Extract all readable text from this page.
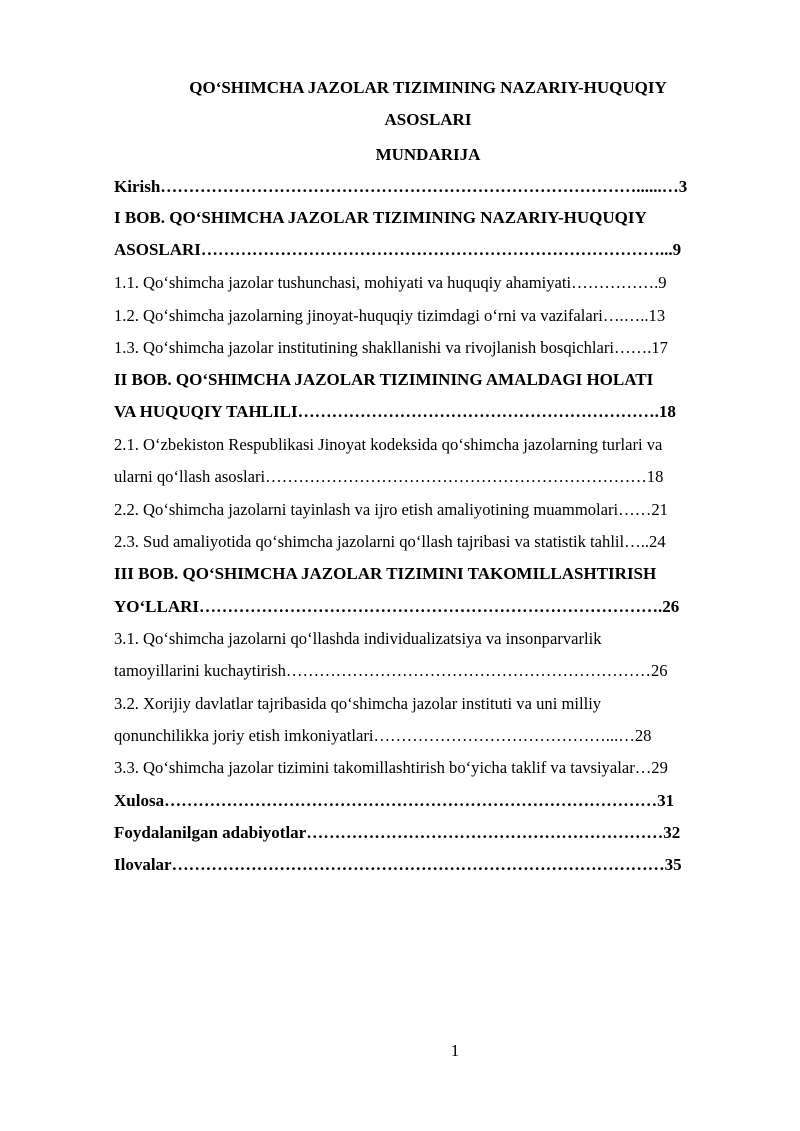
QO‘SHIMCHA JAZOLAR TIZIMINING NAZARIY-HUQUQIY
ASOSLARI
MUNDARIJA
Kirish…………………………………………………………………………......…3
I BOB. QO‘SHIMCHA JAZOLAR TIZIMINING NAZARIY-HUQUQIY
ASOSLARI………………………………………………………………………...9
1.1. Qo‘shimcha jazolar tushunchasi, mohiyati va huquqiy ahamiyati…………….9
1.2. Qo‘shimcha jazolarning jinoyat-huquqiy tizimdagi o‘rni va vazifalari….…..13
1.3. Qo‘shimcha jazolar institutining shakllanishi va rivojlanish bosqichlari…….17
II BOB. QO‘SHIMCHA JAZOLAR TIZIMINING AMALDAGI HOLATI
VA HUQUQIY TAHLILI……………………………………………………….18
2.1. O‘zbekiston Respublikasi Jinoyat kodeksida qo‘shimcha jazolarning turlari va
ularni qo‘llash asoslari……………………………………………………………18
2.2. Qo‘shimcha jazolarni tayinlash va ijro etish amaliyotining muammolari……21
2.3. Sud amaliyotida qo‘shimcha jazolarni qo‘llash tajribasi va statistik tahlil…..24
III BOB. QO‘SHIMCHA JAZOLAR TIZIMINI TAKOMILLASHTIRISH
YO‘LLARI……………………………………………………………………….26
3.1. Qo‘shimcha jazolarni qo‘llashda individualizatsiya va insonparvarlik
tamoyillarini kuchaytirish…………………………………………………………26
3.2. Xorijiy davlatlar tajribasida qo‘shimcha jazolar instituti va uni milliy
qonunchilikka joriy etish imkoniyatlari……………………………………...…28
3.3. Qo‘shimcha jazolar tizimini takomillashtirish bo‘yicha taklif va tavsiyalar…29
Xulosa……………………………………………………………………………31
Foydalanilgan adabiyotlar………………………………………………………32
Ilovalar……………………………………………………………………………35
1
